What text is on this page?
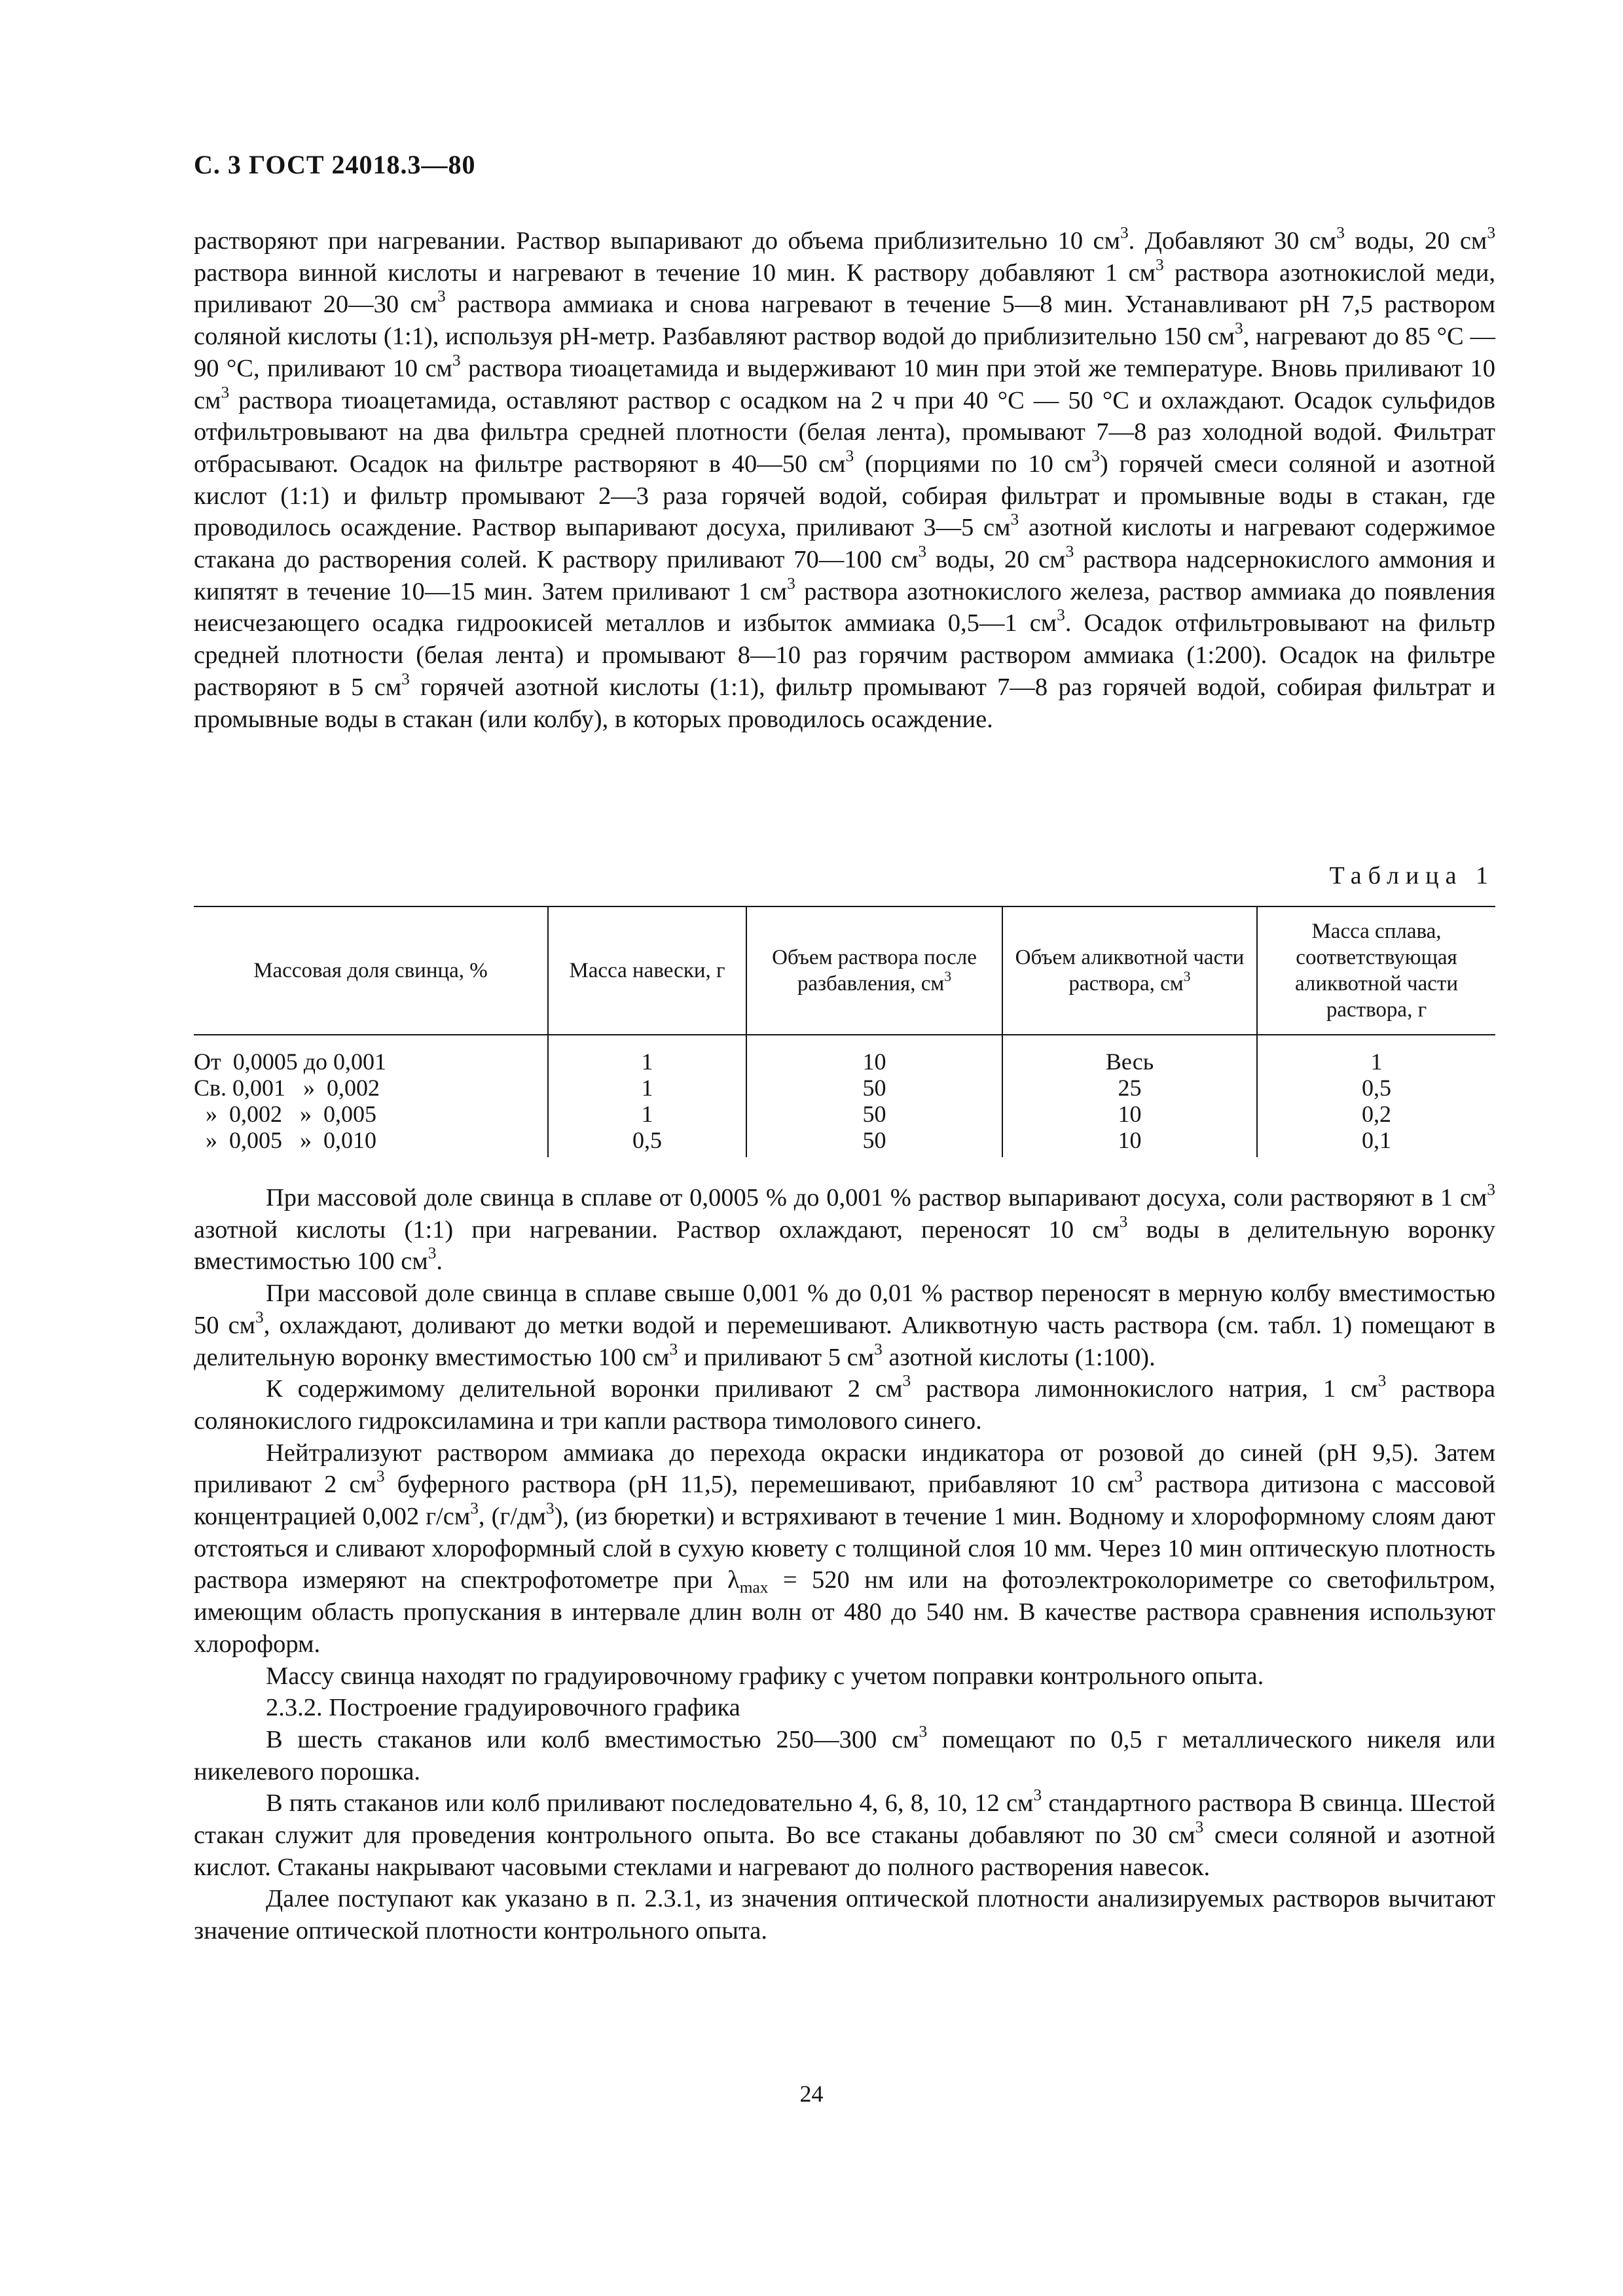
С. 3 ГОСТ 24018.3—80

растворяют при нагревании. Раствор выпаривают до объема приблизительно 10 $см^3$. Добавляют 30 $см^3$ воды, 20 $см^3$ раствора винной кислоты и нагревают в течение 10 мин. К раствору добавляют 1 $см^3$ раствора азотнокислой меди, приливают 20—30 $см^3$ раствора аммиака и снова нагревают в течение 5—8 мин. Устанавливают pH 7,5 раствором соляной кислоты (1:1), используя pH-метр. Разбавляют раствор водой до приблизительно 150 $см^3$, нагревают до 85 °С — 90 °С, приливают 10 $см^3$ раствора тиоацетамида и выдерживают 10 мин при этой же температуре. Вновь приливают 10 $см^3$ раствора тиоацетамида, оставляют раствор с осадком на 2 ч при 40 °С — 50 °С и охлаждают. Осадок сульфидов отфильтровывают на два фильтра средней плотности (белая лента), промывают 7—8 раз холодной водой. Фильтрат отбрасывают. Осадок на фильтре растворяют в 40—50 $см^3$ (порциями по 10 $см^3$) горячей смеси соляной и азотной кислот (1:1) и фильтр промывают 2—3 раза горячей водой, собирая фильтрат и промывные воды в стакан, где проводилось осаждение. Раствор выпаривают досуха, приливают 3—5 $см^3$ азотной кислоты и нагревают содержимое стакана до растворения солей. К раствору приливают 70—100 $см^3$ воды, 20 $см^3$ раствора надсернокислого аммония и кипятят в течение 10—15 мин. Затем приливают 1 $см^3$ раствора азотнокислого железа, раствор аммиака до появления неисчезающего осадка гидроокисей металлов и избыток аммиака 0,5—1 $см^3$. Осадок отфильтровывают на фильтр средней плотности (белая лента) и промывают 8—10 раз горячим раствором аммиака (1:200). Осадок на фильтре растворяют в 5 $см^3$ горячей азотной кислоты (1:1), фильтр промывают 7—8 раз горячей водой, собирая фильтрат и промывные воды в стакан (или колбу), в которых проводилось осаждение.

Таблица 1
Массовая доля свинца, %	Масса навески, г	Объем раствора после разбавления, $см^3$	Объем аликвотной части раствора, $см^3$	Масса сплава, соответствующая аликвотной части раствора, г
От  0,0005 до 0,001	1	10	Весь	1
Св. 0,001   »  0,002	1	50	25	0,5
»  0,002   »  0,005	1	50	10	0,2
»  0,005   »  0,010	0,5	50	10	0,1

При массовой доле свинца в сплаве от 0,0005 % до 0,001 % раствор выпаривают досуха, соли растворяют в 1 $см^3$ азотной кислоты (1:1) при нагревании. Раствор охлаждают, переносят 10 $см^3$ воды в делительную воронку вместимостью 100 $см^3$.

При массовой доле свинца в сплаве свыше 0,001 % до 0,01 % раствор переносят в мерную колбу вместимостью 50 $см^3$, охлаждают, доливают до метки водой и перемешивают. Аликвотную часть раствора (см. табл. 1) помещают в делительную воронку вместимостью 100 $см^3$ и приливают 5 $см^3$ азотной кислоты (1:100).

К содержимому делительной воронки приливают 2 $см^3$ раствора лимоннокислого натрия, 1 $см^3$ раствора солянокислого гидроксиламина и три капли раствора тимолового синего.

Нейтрализуют раствором аммиака до перехода окраски индикатора от розовой до синей (pH 9,5). Затем приливают 2 $см^3$ буферного раствора (pH 11,5), перемешивают, прибавляют 10 $см^3$ раствора дитизона с массовой концентрацией 0,002 $г/см^3$, $(г/дм^3)$, (из бюретки) и встряхивают в течение 1 мин. Водному и хлороформному слоям дают отстояться и сливают хлороформный слой в сухую кювету с толщиной слоя 10 мм. Через 10 мин оптическую плотность раствора измеряют на спектрофотометре при $\lambda_{max} = 520$ нм или на фотоэлектроколориметре со светофильтром, имеющим область пропускания в интервале длин волн от 480 до 540 нм. В качестве раствора сравнения используют хлороформ.

Массу свинца находят по градуировочному графику с учетом поправки контрольного опыта.

2.3.2. Построение градуировочного графика

В шесть стаканов или колб вместимостью 250—300 $см^3$ помещают по 0,5 г металлического никеля или никелевого порошка.

В пять стаканов или колб приливают последовательно 4, 6, 8, 10, 12 $см^3$ стандартного раствора В свинца. Шестой стакан служит для проведения контрольного опыта. Во все стаканы добавляют по 30 $см^3$ смеси соляной и азотной кислот. Стаканы накрывают часовыми стеклами и нагревают до полного растворения навесок.

Далее поступают как указано в п. 2.3.1, из значения оптической плотности анализируемых растворов вычитают значение оптической плотности контрольного опыта.

24
